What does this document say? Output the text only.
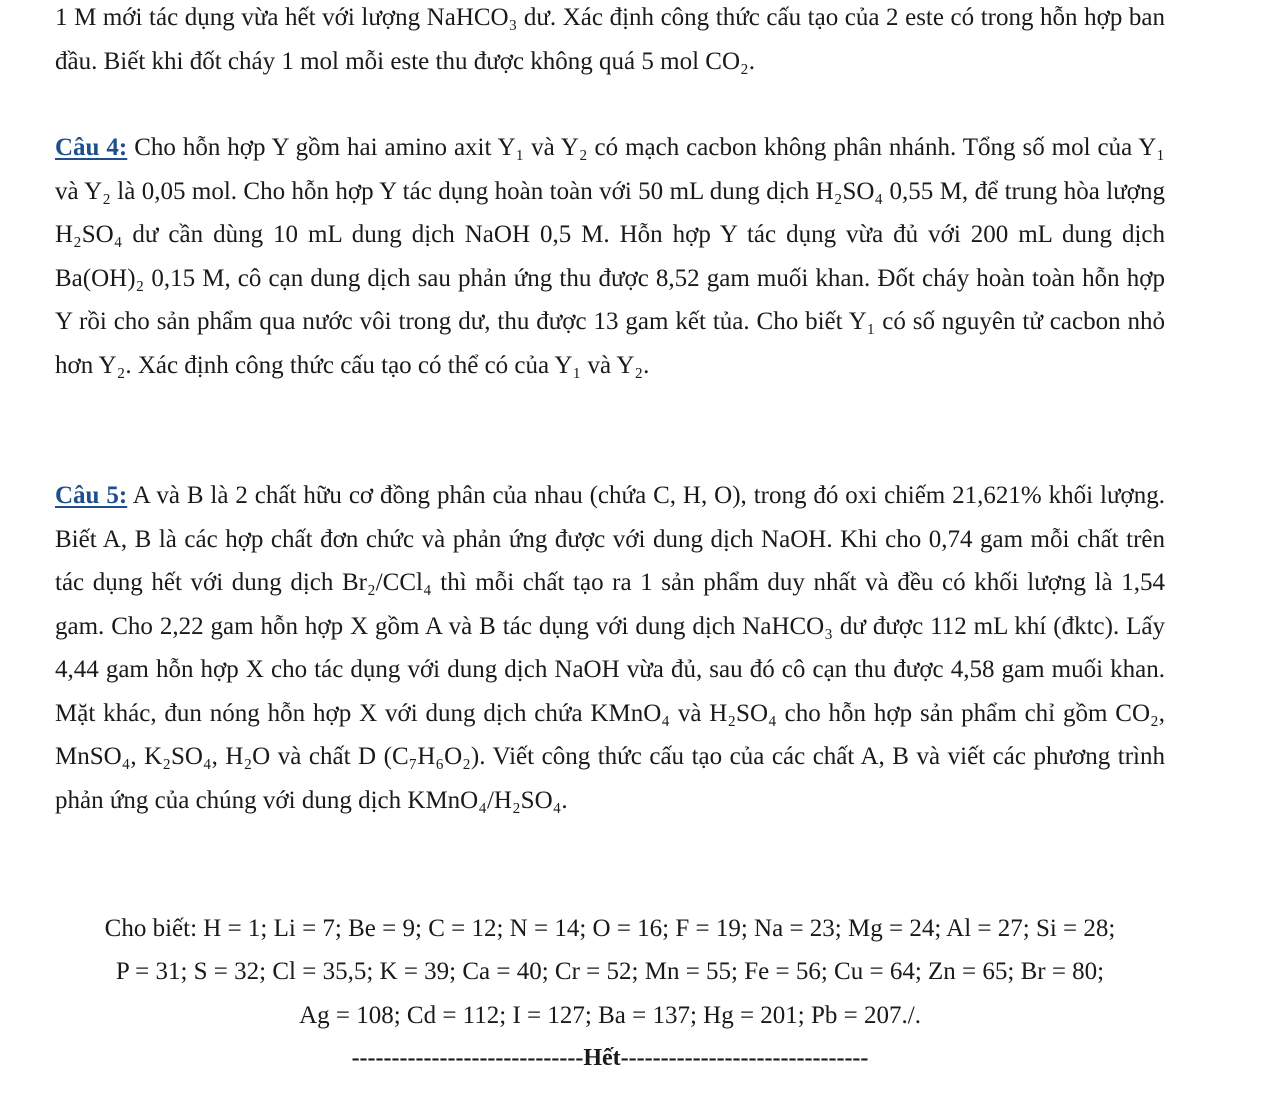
1 M mới tác dụng vừa hết với lượng NaHCO₃ dư. Xác định công thức cấu tạo của 2 este có trong hỗn hợp ban đầu. Biết khi đốt cháy 1 mol mỗi este thu được không quá 5 mol CO₂.

Câu 4: Cho hỗn hợp Y gồm hai amino axit Y₁ và Y₂ có mạch cacbon không phân nhánh. Tổng số mol của Y₁ và Y₂ là 0,05 mol. Cho hỗn hợp Y tác dụng hoàn toàn với 50 mL dung dịch H₂SO₄ 0,55 M, để trung hòa lượng H₂SO₄ dư cần dùng 10 mL dung dịch NaOH 0,5 M. Hỗn hợp Y tác dụng vừa đủ với 200 mL dung dịch Ba(OH)₂ 0,15 M, cô cạn dung dịch sau phản ứng thu được 8,52 gam muối khan. Đốt cháy hoàn toàn hỗn hợp Y rồi cho sản phẩm qua nước vôi trong dư, thu được 13 gam kết tủa. Cho biết Y₁ có số nguyên tử cacbon nhỏ hơn Y₂. Xác định công thức cấu tạo có thể có của Y₁ và Y₂.

Câu 5: A và B là 2 chất hữu cơ đồng phân của nhau (chứa C, H, O), trong đó oxi chiếm 21,621% khối lượng. Biết A, B là các hợp chất đơn chức và phản ứng được với dung dịch NaOH. Khi cho 0,74 gam mỗi chất trên tác dụng hết với dung dịch Br₂/CCl₄ thì mỗi chất tạo ra 1 sản phẩm duy nhất và đều có khối lượng là 1,54 gam. Cho 2,22 gam hỗn hợp X gồm A và B tác dụng với dung dịch NaHCO₃ dư được 112 mL khí (đktc). Lấy 4,44 gam hỗn hợp X cho tác dụng với dung dịch NaOH vừa đủ, sau đó cô cạn thu được 4,58 gam muối khan. Mặt khác, đun nóng hỗn hợp X với dung dịch chứa KMnO₄ và H₂SO₄ cho hỗn hợp sản phẩm chỉ gồm CO₂, MnSO₄, K₂SO₄, H₂O và chất D (C₇H₆O₂). Viết công thức cấu tạo của các chất A, B và viết các phương trình phản ứng của chúng với dung dịch KMnO₄/H₂SO₄.

Cho biết: H = 1; Li = 7; Be = 9; C = 12; N = 14; O = 16; F = 19; Na = 23; Mg = 24; Al = 27; Si = 28;

P = 31; S = 32; Cl = 35,5; K = 39; Ca = 40; Cr = 52; Mn = 55; Fe = 56; Cu = 64; Zn = 65; Br = 80;

Ag = 108; Cd = 112; I = 127; Ba = 137; Hg = 201; Pb = 207./.

-----------------------------Hết-------------------------------
